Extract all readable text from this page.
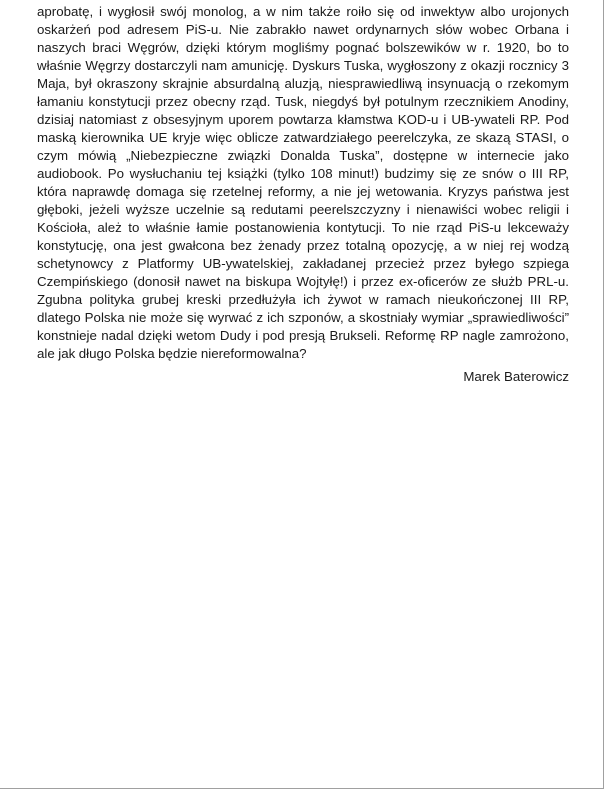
aprobatę, i wygłosił swój monolog, a w nim także roiło się od inwektyw albo urojonych oskarżeń pod adresem PiS-u. Nie zabrakło nawet ordynarnych słów wobec Orbana i naszych braci Węgrów, dzięki którym mogliśmy pognać bolszewików w r. 1920, bo to właśnie Węgrzy dostarczyli nam amunicję. Dyskurs Tuska, wygłoszony z okazji rocznicy 3 Maja, był okraszony skrajnie absurdalną aluzją, niesprawiedliwą insynuacją o rzekomym łamaniu konstytucji przez obecny rząd. Tusk, niegdyś był potulnym rzecznikiem Anodiny, dzisiaj natomiast z obsesyjnym uporem powtarza kłamstwa KOD-u i UB-ywateli RP. Pod maską kierownika UE kryje więc oblicze zatwardziałego peerelczyka, ze skazą STASI, o czym mówią „Niebezpieczne związki Donalda Tuska”, dostępne w internecie jako audiobook. Po wysłuchaniu tej książki (tylko 108 minut!) budzimy się ze snów o III RP, która naprawdę domaga się rzetelnej reformy, a nie jej wetowania. Kryzys państwa jest głęboki, jeżeli wyższe uczelnie są redutami peerelszczyzny i nienawiści wobec religii i Kościoła, ależ to właśnie łamie postanowienia kontytucji. To nie rząd PiS-u lekceważy konstytucję, ona jest gwałcona bez żenady przez totalną opozycję, a w niej rej wodzą schetynowcy z Platformy UB-ywatelskiej, zakładanej przecież przez byłego szpiega Czempińskiego (donosił nawet na biskupa Wojtyłę!) i przez ex-oficerów ze służb PRL-u. Zgubna polityka grubej kreski przedłużyła ich żywot w ramach nieukończonej III RP, dlatego Polska nie może się wyrwać z ich szponów, a skostniały wymiar „sprawiedliwości” konstnieje nadal dzięki wetom Dudy i pod presją Brukseli. Reformę RP nagle zamrożono, ale jak długo Polska będzie niereformowalna?

Marek Baterowicz
